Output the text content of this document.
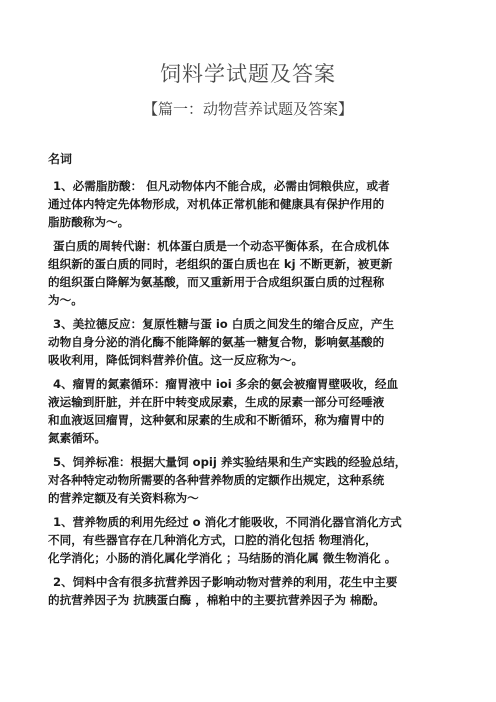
饲料学试题及答案
【篇一：动物营养试题及答案】
名词
1、必需脂肪酸： 但凡动物体内不能合成，必需由饲粮供应，或者
通过体内特定先体物形成，对机体正常机能和健康具有保护作用的
脂肪酸称为～。
蛋白质的周转代谢：机体蛋白质是一个动态平衡体系，在合成机体
组织新的蛋白质的同时，老组织的蛋白质也在 kj 不断更新，被更新
的组织蛋白降解为氨基酸，而又重新用于合成组织蛋白质的过程称
为～。
3、美拉德反应：复原性糖与蛋 io 白质之间发生的缩合反应，产生
动物自身分泌的消化酶不能降解的氨基一糖复合物，影响氨基酸的
吸收利用，降低饲料营养价值。这一反应称为～。
4、瘤胃的氮素循环：瘤胃液中 ioi 多余的氨会被瘤胃壁吸收，经血
液运输到肝脏，并在肝中转变成尿素，生成的尿素一部分可经唾液
和血液返回瘤胃，这种氨和尿素的生成和不断循环，称为瘤胃中的
氮素循环。
5、饲养标准：根据大量饲 opij 养实验结果和生产实践的经验总结，
对各种特定动物所需要的各种营养物质的定额作出规定，这种系统
的营养定额及有关资料称为～
1、营养物质的利用先经过 o 消化才能吸收，不同消化器官消化方式
不同，有些器官存在几种消化方式，口腔的消化包括 物理消化，
化学消化；小肠的消化属化学消化 ；马结肠的消化属 微生物消化 。
2、饲料中含有很多抗营养因子影响动物对营养的利用，花生中主要
的抗营养因子为 抗胰蛋白酶 ，棉粕中的主要抗营养因子为 棉酚。
